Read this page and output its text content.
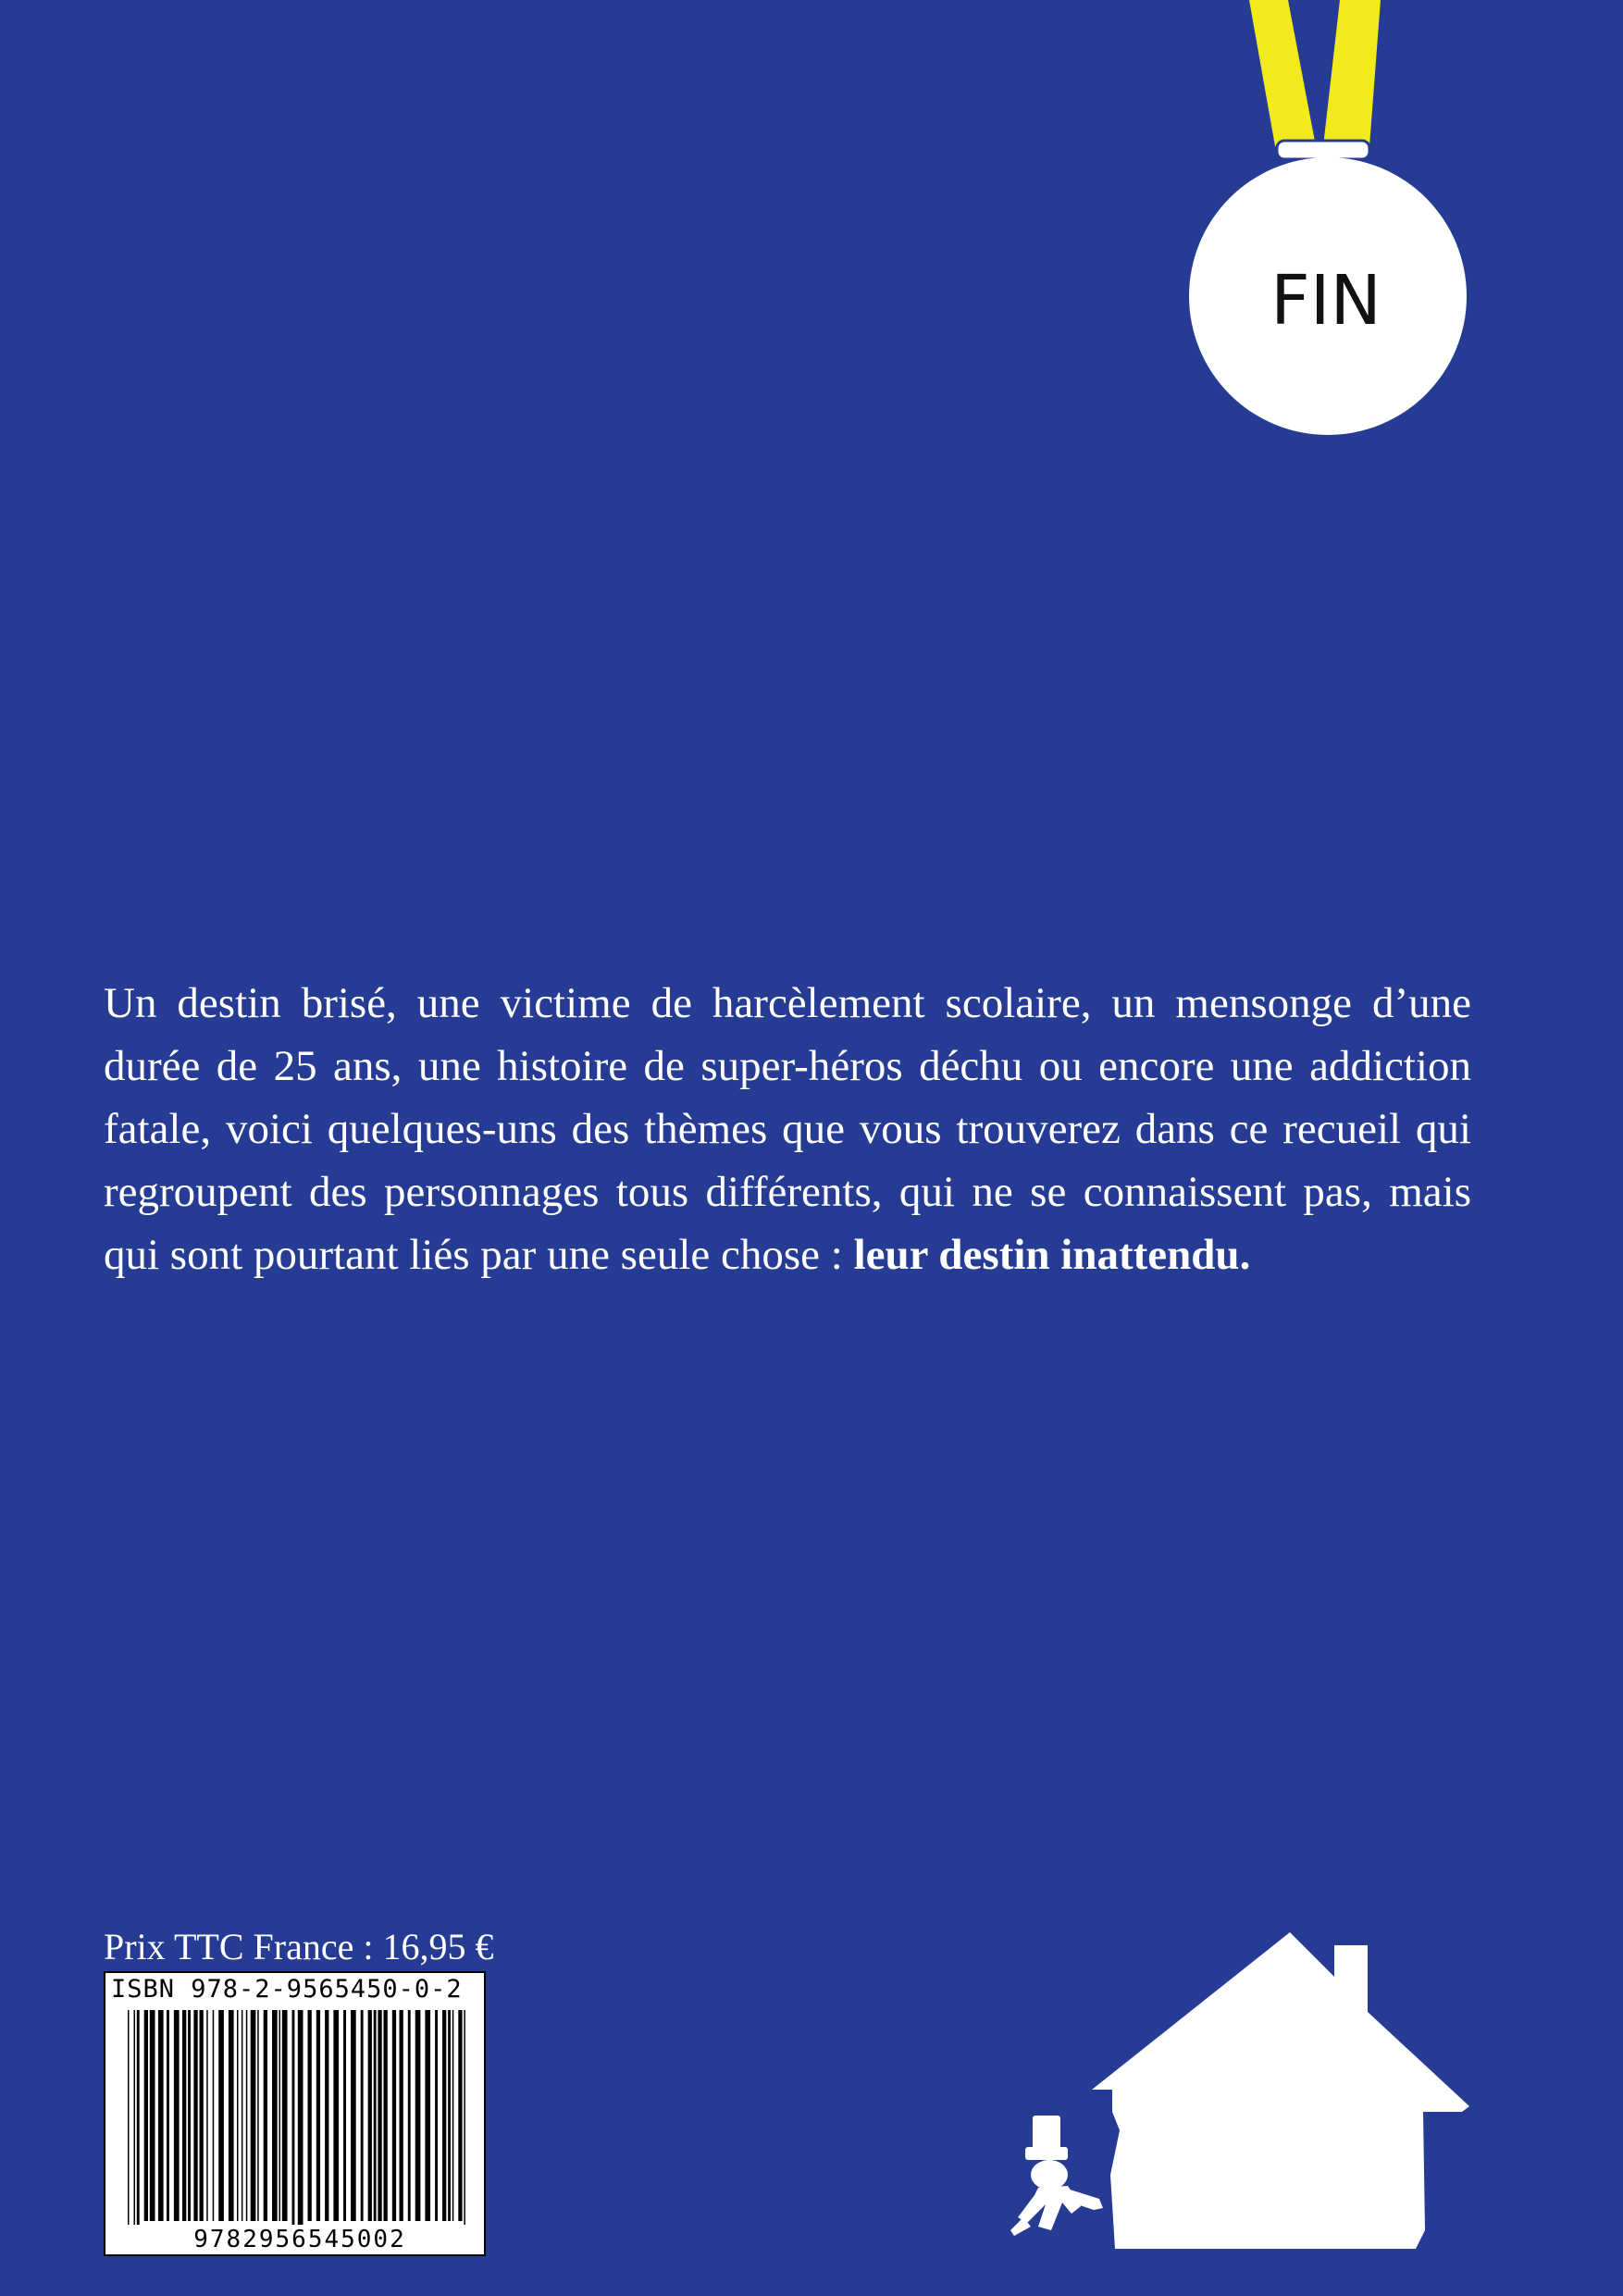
FIN
Un destin brisé, une victime de harcèlement scolaire, un mensonge d’une durée de 25 ans, une histoire de super-héros déchu ou encore une addiction fatale, voici quelques-uns des thèmes que vous trouverez dans ce recueil qui regroupent des personnages tous différents, qui ne se connaissent pas, mais qui sont pourtant liés par une seule chose : leur destin inattendu.
Prix TTC France : 16,95 €
ISBN 978-2-9565450-0-2
9782956545002
